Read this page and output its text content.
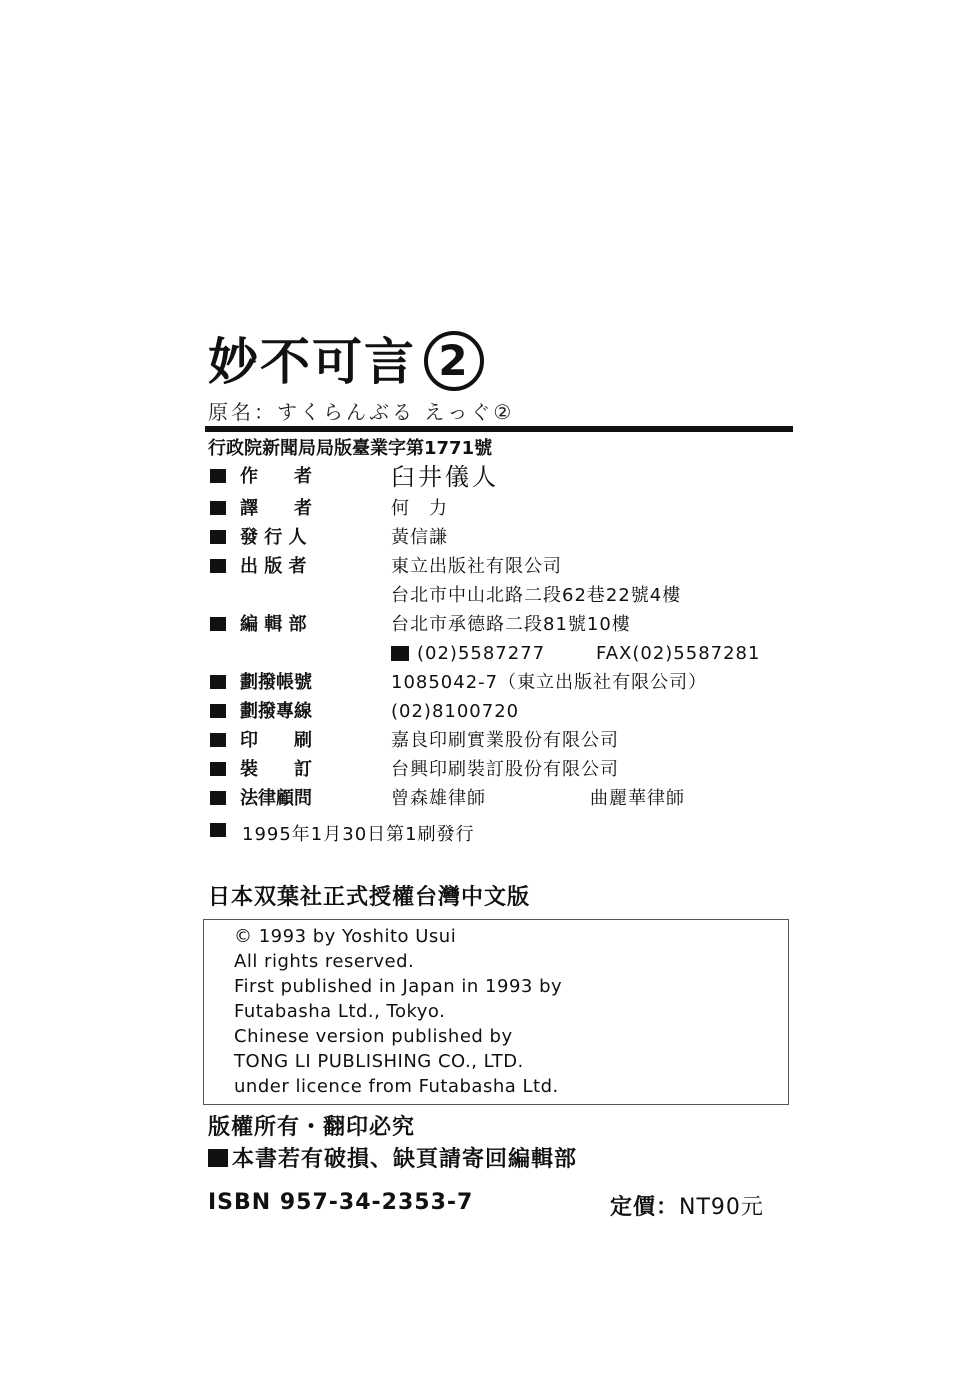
妙不可言 2
原名：すくらんぶる えっぐ②
行政院新聞局局版臺業字第1771號
作　　者	臼井儀人
譯　　者	何　力
發 行 人	黃信謙
出 版 者	東立出版社有限公司
台北市中山北路二段62巷22號4樓
編 輯 部	台北市承德路二段81號10樓
(02)5587277	FAX(02)5587281
劃撥帳號	1085042-7（東立出版社有限公司）
劃撥專線	(02)8100720
印　　刷	嘉良印刷實業股份有限公司
裝　　訂	台興印刷裝訂股份有限公司
法律顧問	曾森雄律師	曲麗華律師
1995年1月30日第1刷發行
日本双葉社正式授權台灣中文版
© 1993 by Yoshito Usui
All rights reserved.
First published in Japan in 1993 by
Futabasha Ltd., Tokyo.
Chinese version published by
TONG LI PUBLISHING CO., LTD.
under licence from Futabasha Ltd.
版權所有・翻印必究
本書若有破損、缺頁請寄回編輯部
ISBN 957-34-2353-7	定價：NT90元
